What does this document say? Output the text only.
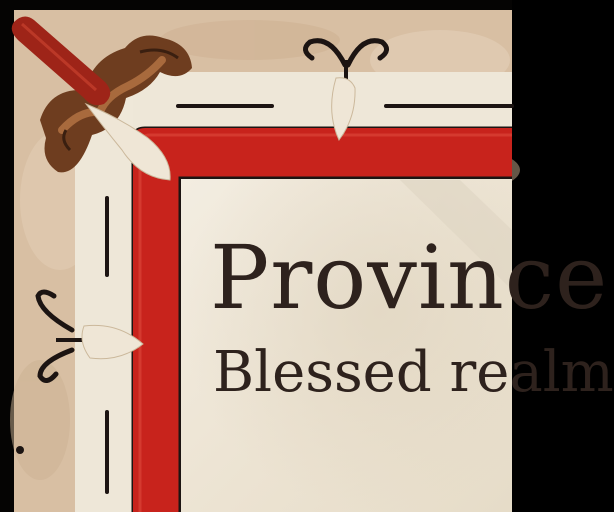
Province
Blessed realm
